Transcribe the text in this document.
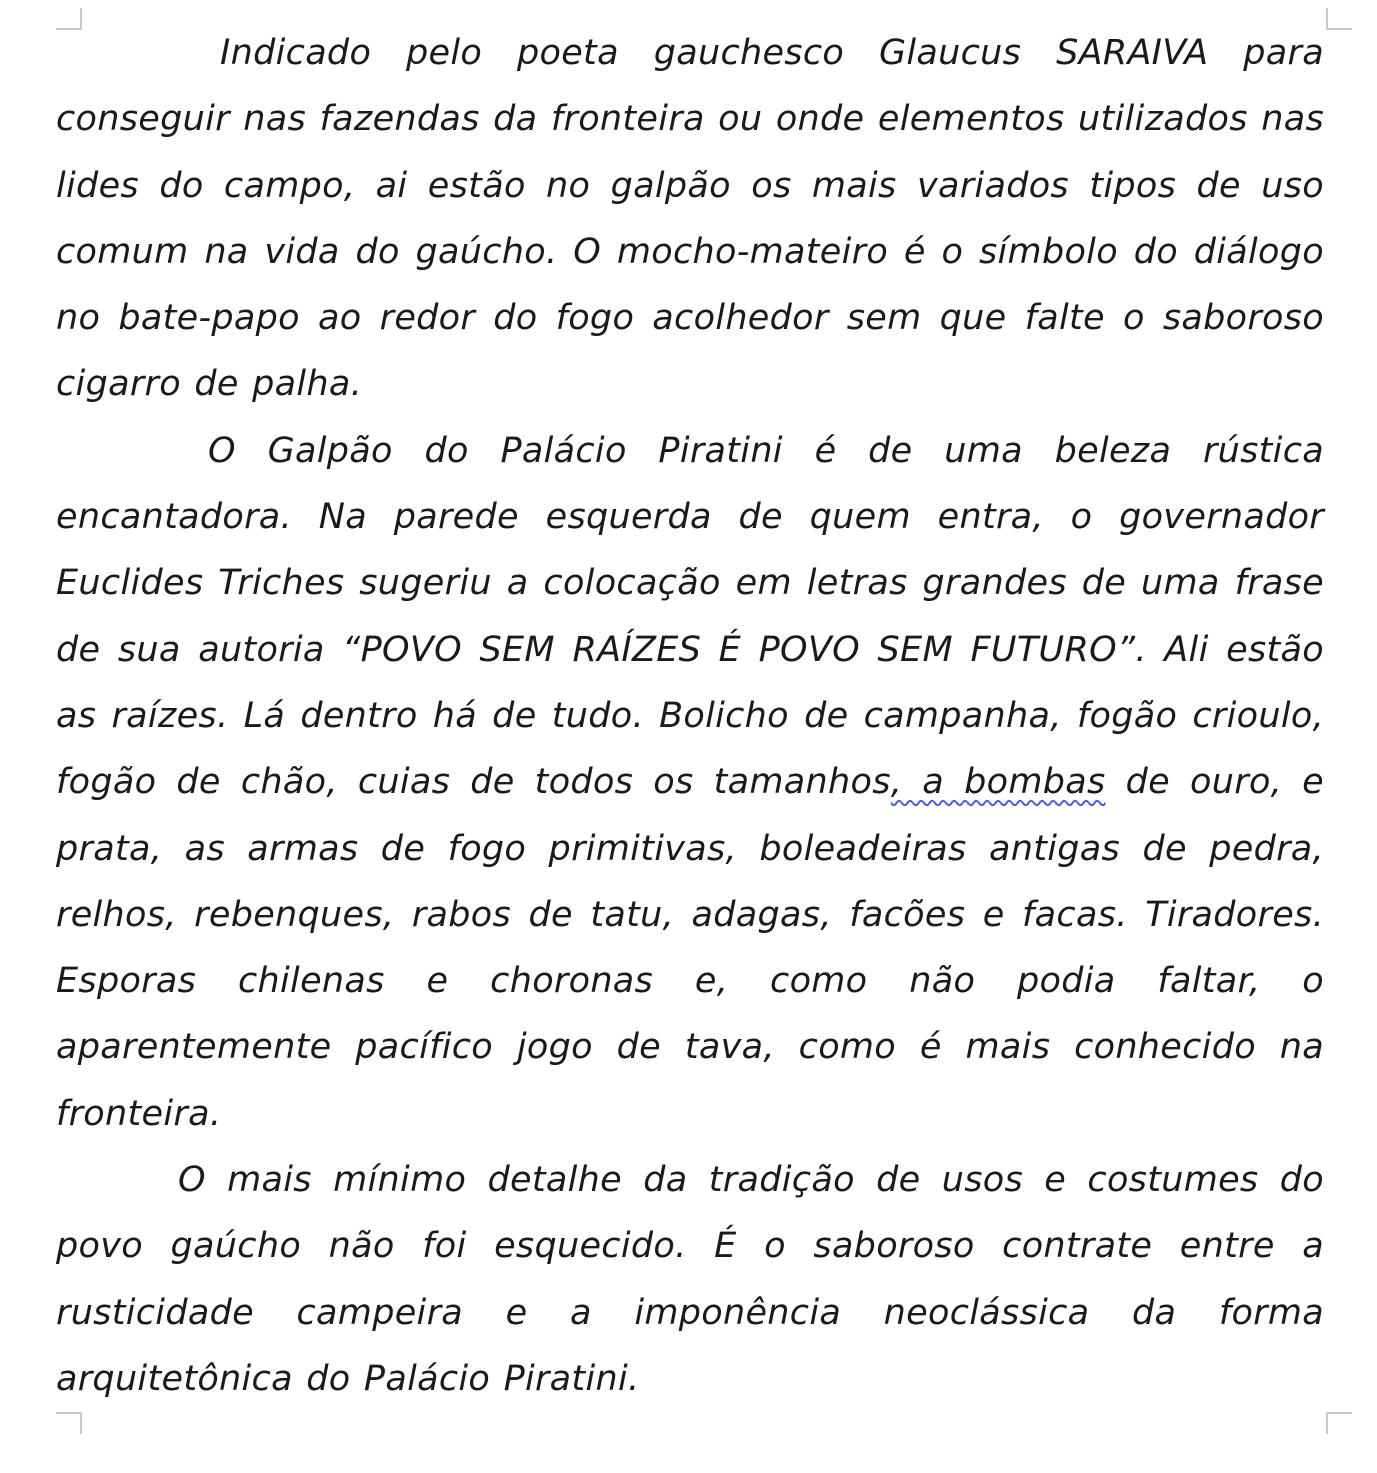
Indicado pelo poeta gauchesco Glaucus SARAIVA para conseguir nas fazendas da fronteira ou onde elementos utilizados nas lides do campo, ai estão no galpão os mais variados tipos de uso comum na vida do gaúcho. O mocho-mateiro é o símbolo do diálogo no bate-papo ao redor do fogo acolhedor sem que falte o saboroso cigarro de palha.

O Galpão do Palácio Piratini é de uma beleza rústica encantadora. Na parede esquerda de quem entra, o governador Euclides Triches sugeriu a colocação em letras grandes de uma frase de sua autoria “POVO SEM RAÍZES É POVO SEM FUTURO”. Ali estão as raízes. Lá dentro há de tudo. Bolicho de campanha, fogão crioulo, fogão de chão, cuias de todos os tamanhos, a bombas de ouro, e prata, as armas de fogo primitivas, boleadeiras antigas de pedra, relhos, rebenques, rabos de tatu, adagas, facões e facas. Tiradores. Esporas chilenas e choronas e, como não podia faltar, o aparentemente pacífico jogo de tava, como é mais conhecido na fronteira.

O mais mínimo detalhe da tradição de usos e costumes do povo gaúcho não foi esquecido. É o saboroso contrate entre a rusticidade campeira e a imponência neoclássica da forma arquitetônica do Palácio Piratini.
